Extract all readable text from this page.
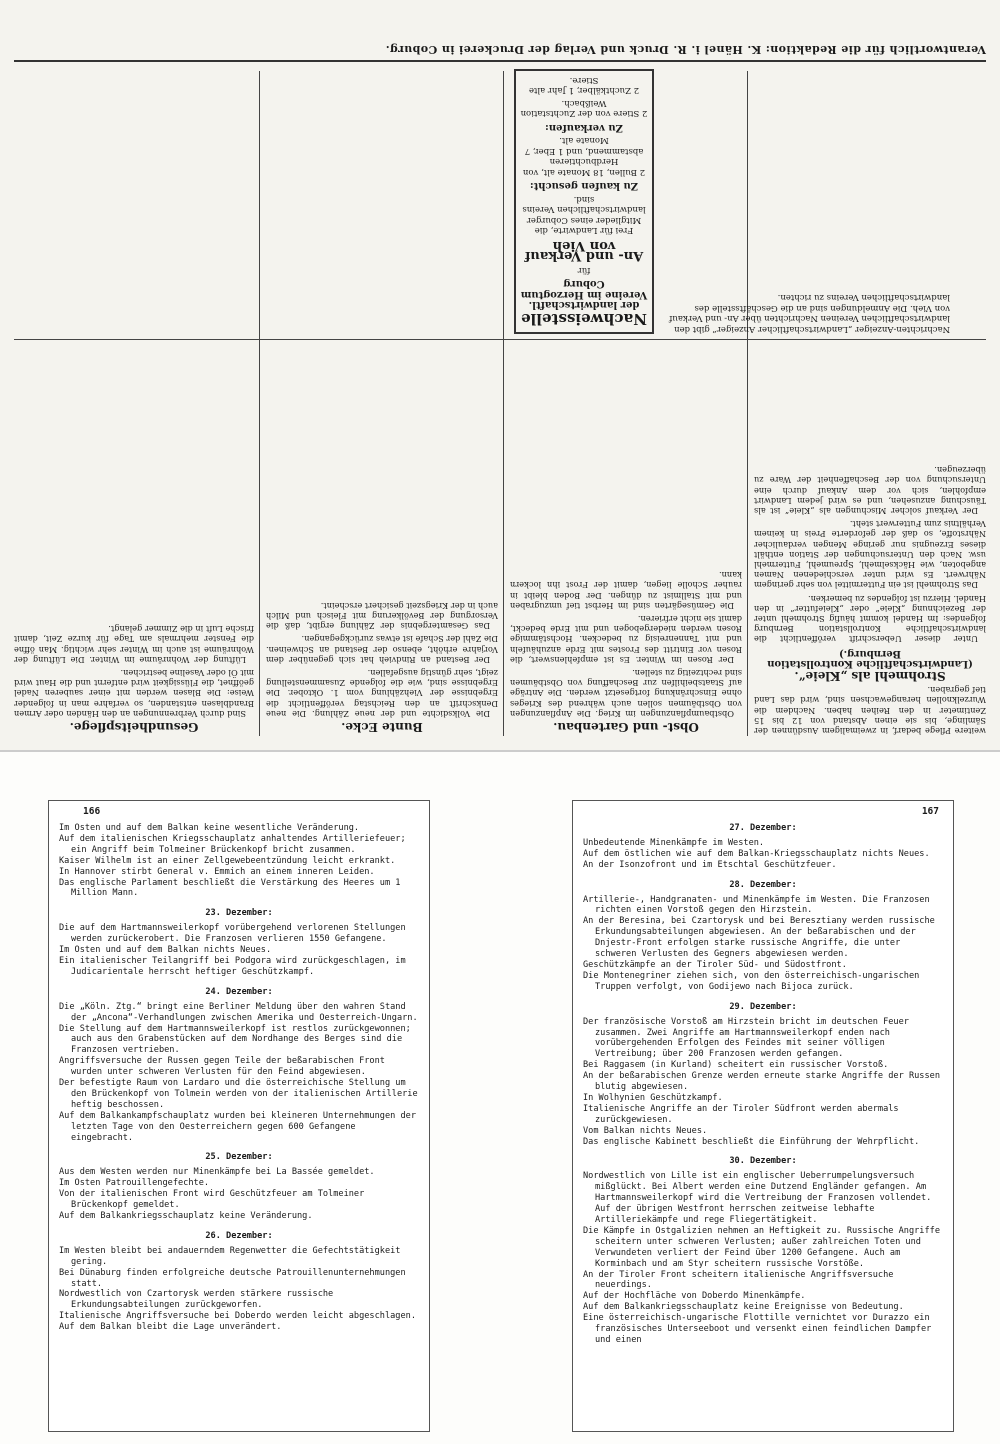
weitere Pflege bedarf, in zweimaligem Ausdünnen der Sämlinge, bis sie einen Abstand von 12 bis 15 Zentimeter in den Reihen haben. Nachdem die Wurzelknollen herangewachsen sind, wird das Land tief gegraben.
Strohmehl als „Kleie“.
(Landwirtschaftliche Kontrollstation Bernburg.)

Unter dieser Ueberschrift veröffentlicht die landwirtschaftliche Kontrollstation Bernburg folgendes: Im Handel kommt häufig Strohmehl unter der Bezeichnung „Kleie“ oder „Kleiefutter“ in den Handel. Hierzu ist folgendes zu bemerken.

Das Strohmehl ist ein Futtermittel von sehr geringem Nährwert. Es wird unter verschiedenen Namen angeboten, wie Häckselmehl, Spreumehl, Futtermehl usw. Nach den Untersuchungen der Station enthält dieses Erzeugnis nur geringe Mengen verdaulicher Nährstoffe, so daß der geforderte Preis in keinem Verhältnis zum Futterwert steht.

Der Verkauf solcher Mischungen als „Kleie“ ist als Täuschung anzusehen, und es wird jedem Landwirt empfohlen, sich vor dem Ankauf durch eine Untersuchung von der Beschaffenheit der Ware zu überzeugen.

Obst- und Gartenbau.

Obstbaumpflanzungen im Krieg. Die Anpflanzungen von Obstbäumen sollen auch während des Krieges ohne Einschränkung fortgesetzt werden. Die Anträge auf Staatsbeihilfen zur Beschaffung von Obstbäumen sind rechtzeitig zu stellen.

Der Rosen im Winter. Es ist empfehlenswert, die Rosen vor Eintritt des Frostes mit Erde anzuhäufeln und mit Tannenreisig zu bedecken. Hochstämmige Rosen werden niedergebogen und mit Erde bedeckt, damit sie nicht erfrieren.

Die Gemüsegärten sind im Herbst tief umzugraben und mit Stallmist zu düngen. Der Boden bleibt in rauher Scholle liegen, damit der Frost ihn lockern kann.

Bunte Ecke.

Die Volksdichte und der neue Zählung. Die neue Denkschrift an den Reichstag veröffentlicht die Ergebnisse der Viehzählung vom 1. Oktober. Die Ergebnisse sind, wie die folgende Zusammenstellung zeigt, sehr günstig ausgefallen.

Der Bestand an Rindvieh hat sich gegenüber dem Vorjahre erhöht, ebenso der Bestand an Schweinen. Die Zahl der Schafe ist etwas zurückgegangen.

Das Gesamtergebnis der Zählung ergibt, daß die Versorgung der Bevölkerung mit Fleisch und Milch auch in der Kriegszeit gesichert erscheint.

Gesundheitspflege.

Sind durch Verbrennungen an den Händen oder Armen Brandblasen entstanden, so verfahre man in folgender Weise: Die Blasen werden mit einer sauberen Nadel geöffnet, die Flüssigkeit wird entfernt und die Haut wird mit Öl oder Vaseline bestrichen.

Lüftung der Wohnräume im Winter. Die Lüftung der Wohnräume ist auch im Winter sehr wichtig. Man öffne die Fenster mehrmals am Tage für kurze Zeit, damit frische Luft in die Zimmer gelangt.

Nachweisstelle
der landwirtschaftl. Vereine im Herzogtum Coburg
für
An- und Verkauf von Vieh

Frei für Landwirte, die Mitglieder eines Coburger landwirtschaftlichen Vereins sind.

Zu kaufen gesucht:

2 Bullen, 18 Monate alt, von Herdbuchtieren abstammend, und 1 Eber, 7 Monate alt.

Zu verkaufen:

2 Stiere von der Zuchtstation Weißbach.

2 Zuchtkälber, 1 Jahr alte Stiere.

Nachrichten-Anzeiger „Landwirtschaftlicher Anzeiger“ gibt den landwirtschaftlichen Vereinen Nachrichten über An- und Verkauf von Vieh. Die Anmeldungen sind an die Geschäftsstelle des landwirtschaftlichen Vereins zu richten.
Verantwortlich für die Redaktion: K. Hänel i. R. Druck und Verlag der Druckerei in Coburg.
166

Im Osten und auf dem Balkan keine wesentliche Veränderung.

Auf dem italienischen Kriegsschauplatz anhaltendes Artilleriefeuer; ein Angriff beim Tolmeiner Brückenkopf bricht zusammen.

Kaiser Wilhelm ist an einer Zellgewebeentzündung leicht erkrankt.

In Hannover stirbt General v. Emmich an einem inneren Leiden.

Das englische Parlament beschließt die Verstärkung des Heeres um 1 Million Mann.

23. Dezember:

Die auf dem Hartmannsweilerkopf vorübergehend verlorenen Stellungen werden zurückerobert. Die Franzosen verlieren 1550 Gefangene.

Im Osten und auf dem Balkan nichts Neues.

Ein italienischer Teilangriff bei Podgora wird zurückgeschlagen, im Judicarientale herrscht heftiger Geschützkampf.

24. Dezember:

Die „Köln. Ztg.“ bringt eine Berliner Meldung über den wahren Stand der „Ancona“-Verhandlungen zwischen Amerika und Oesterreich-Ungarn.

Die Stellung auf dem Hartmannsweilerkopf ist restlos zurückgewonnen; auch aus den Grabenstücken auf dem Nordhange des Berges sind die Franzosen vertrieben.

Angriffsversuche der Russen gegen Teile der beßarabischen Front wurden unter schweren Verlusten für den Feind abgewiesen.

Der befestigte Raum von Lardaro und die österreichische Stellung um den Brückenkopf von Tolmein werden von der italienischen Artillerie heftig beschossen.

Auf dem Balkankampfschauplatz wurden bei kleineren Unternehmungen der letzten Tage von den Oesterreichern gegen 600 Gefangene eingebracht.

25. Dezember:

Aus dem Westen werden nur Minenkämpfe bei La Bassée gemeldet.

Im Osten Patrouillengefechte.

Von der italienischen Front wird Geschützfeuer am Tolmeiner Brückenkopf gemeldet.

Auf dem Balkankriegsschauplatz keine Veränderung.

26. Dezember:

Im Westen bleibt bei andauerndem Regenwetter die Gefechtstätigkeit gering.

Bei Dünaburg finden erfolgreiche deutsche Patrouillenunternehmungen statt.

Nordwestlich von Czartorysk werden stärkere russische Erkundungsabteilungen zurückgeworfen.

Italienische Angriffsversuche bei Doberdo werden leicht abgeschlagen.

Auf dem Balkan bleibt die Lage unverändert.

167
27. Dezember:

Unbedeutende Minenkämpfe im Westen.

Auf dem östlichen wie auf dem Balkan-Kriegsschauplatz nichts Neues.

An der Isonzofront und im Etschtal Geschützfeuer.

28. Dezember:

Artillerie-, Handgranaten- und Minenkämpfe im Westen. Die Franzosen richten einen Vorstoß gegen den Hirzstein.

An der Beresina, bei Czartorysk und bei Beresztiany werden russische Erkundungsabteilungen abgewiesen. An der beßarabischen und der Dnjestr-Front erfolgen starke russische Angriffe, die unter schweren Verlusten des Gegners abgewiesen werden.

Geschützkämpfe an der Tiroler Süd- und Südostfront.

Die Montenegriner ziehen sich, von den österreichisch-ungarischen Truppen verfolgt, von Godijewo nach Bijoca zurück.

29. Dezember:

Der französische Vorstoß am Hirzstein bricht im deutschen Feuer zusammen. Zwei Angriffe am Hartmannsweilerkopf enden nach vorübergehenden Erfolgen des Feindes mit seiner völligen Vertreibung; über 200 Franzosen werden gefangen.

Bei Raggasem (in Kurland) scheitert ein russischer Vorstoß.

An der beßarabischen Grenze werden erneute starke Angriffe der Russen blutig abgewiesen.

In Wolhynien Geschützkampf.

Italienische Angriffe an der Tiroler Südfront werden abermals zurückgewiesen.

Vom Balkan nichts Neues.

Das englische Kabinett beschließt die Einführung der Wehrpflicht.

30. Dezember:

Nordwestlich von Lille ist ein englischer Ueberrumpelungsversuch mißglückt. Bei Albert werden eine Dutzend Engländer gefangen. Am Hartmannsweilerkopf wird die Vertreibung der Franzosen vollendet. Auf der übrigen Westfront herrschen zeitweise lebhafte Artilleriekämpfe und rege Fliegertätigkeit.

Die Kämpfe in Ostgalizien nehmen an Heftigkeit zu. Russische Angriffe scheitern unter schweren Verlusten; außer zahlreichen Toten und Verwundeten verliert der Feind über 1200 Gefangene. Auch am Korminbach und am Styr scheitern russische Vorstöße.

An der Tiroler Front scheitern italienische Angriffsversuche neuerdings.

Auf der Hochfläche von Doberdo Minenkämpfe.

Auf dem Balkankriegsschauplatz keine Ereignisse von Bedeutung.

Eine österreichisch-ungarische Flottille vernichtet vor Durazzo ein französisches Unterseeboot und versenkt einen feindlichen Dampfer und einen
